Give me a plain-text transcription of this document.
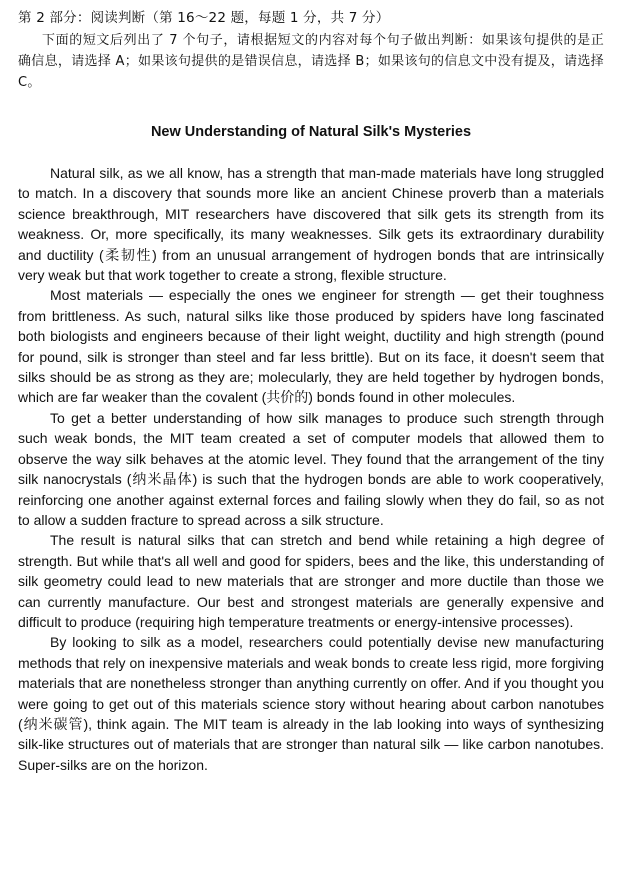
第 2 部分：阅读判断（第 16～22 题，每题 1 分，共 7 分）

下面的短文后列出了 7 个句子，请根据短文的内容对每个句子做出判断：如果该句提供的是正确信息，请选择 A；如果该句提供的是错误信息，请选择 B；如果该句的信息文中没有提及，请选择 C。

New Understanding of Natural Silk's Mysteries

Natural silk, as we all know, has a strength that man-made materials have long struggled to match. In a discovery that sounds more like an ancient Chinese proverb than a materials science breakthrough, MIT researchers have discovered that silk gets its strength from its weakness. Or, more specifically, its many weaknesses. Silk gets its extraordinary durability and ductility (柔韧性) from an unusual arrangement of hydrogen bonds that are intrinsically very weak but that work together to create a strong, flexible structure.

Most materials — especially the ones we engineer for strength — get their toughness from brittleness. As such, natural silks like those produced by spiders have long fascinated both biologists and engineers because of their light weight, ductility and high strength (pound for pound, silk is stronger than steel and far less brittle). But on its face, it doesn't seem that silks should be as strong as they are; molecularly, they are held together by hydrogen bonds, which are far weaker than the covalent (共价的) bonds found in other molecules.

To get a better understanding of how silk manages to produce such strength through such weak bonds, the MIT team created a set of computer models that allowed them to observe the way silk behaves at the atomic level. They found that the arrangement of the tiny silk nanocrystals (纳米晶体) is such that the hydrogen bonds are able to work cooperatively, reinforcing one another against external forces and failing slowly when they do fail, so as not to allow a sudden fracture to spread across a silk structure.

The result is natural silks that can stretch and bend while retaining a high degree of strength. But while that's all well and good for spiders, bees and the like, this understanding of silk geometry could lead to new materials that are stronger and more ductile than those we can currently manufacture. Our best and strongest materials are generally expensive and difficult to produce (requiring high temperature treatments or energy-intensive processes).

By looking to silk as a model, researchers could potentially devise new manufacturing methods that rely on inexpensive materials and weak bonds to create less rigid, more forgiving materials that are nonetheless stronger than anything currently on offer. And if you thought you were going to get out of this materials science story without hearing about carbon nanotubes (纳米碳管), think again. The MIT team is already in the lab looking into ways of synthesizing silk-like structures out of materials that are stronger than natural silk — like carbon nanotubes. Super-silks are on the horizon.
